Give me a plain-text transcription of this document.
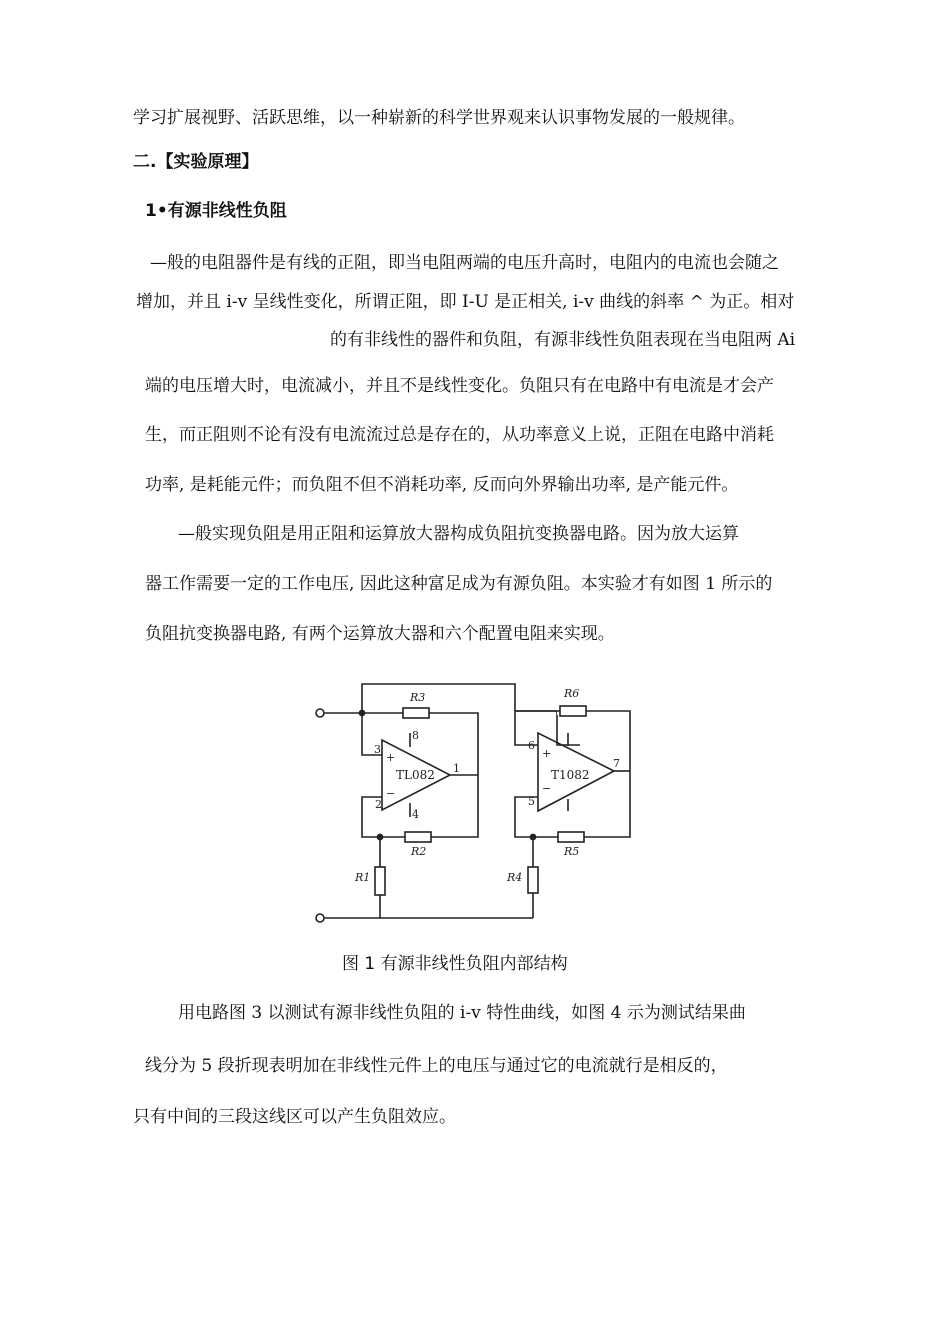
学习扩展视野、活跃思维，以一种崭新的科学世界观来认识事物发展的一般规律。
二.【实验原理】
1•有源非线性负阻
—般的电阻器件是有线的正阻，即当电阻两端的电压升高时，电阻内的电流也会随之
增加，并且 i-v 呈线性变化，所谓正阻，即 I-U 是正相关, i-v 曲线的斜率 ^ 为正。相对
的有非线性的器件和负阻，有源非线性负阻表现在当电阻两 Ai
端的电压增大时，电流减小，并且不是线性变化。负阻只有在电路中有电流是才会产
生，而正阻则不论有没有电流流过总是存在的，从功率意义上说，正阻在电路中消耗
功率, 是耗能元件；而负阻不但不消耗功率, 反而向外界输出功率, 是产能元件。
—般实现负阻是用正阻和运算放大器构成负阻抗变换器电路。因为放大运算
器工作需要一定的工作电压, 因此这种富足成为有源负阻。本实验才有如图 1 所示的
负阻抗变换器电路, 有两个运算放大器和六个配置电阻来实现。
R3	R6
R2	R5
R1	R4
TL082	T1082
3
8
2
4
1
6
5
7
+
−
+
−
图 1 有源非线性负阻内部结构
用电路图 3 以测试有源非线性负阻的 i-v 特性曲线，如图 4 示为测试结果曲
线分为 5 段折现表明加在非线性元件上的电压与通过它的电流就行是相反的，
只有中间的三段这线区可以产生负阻效应。
